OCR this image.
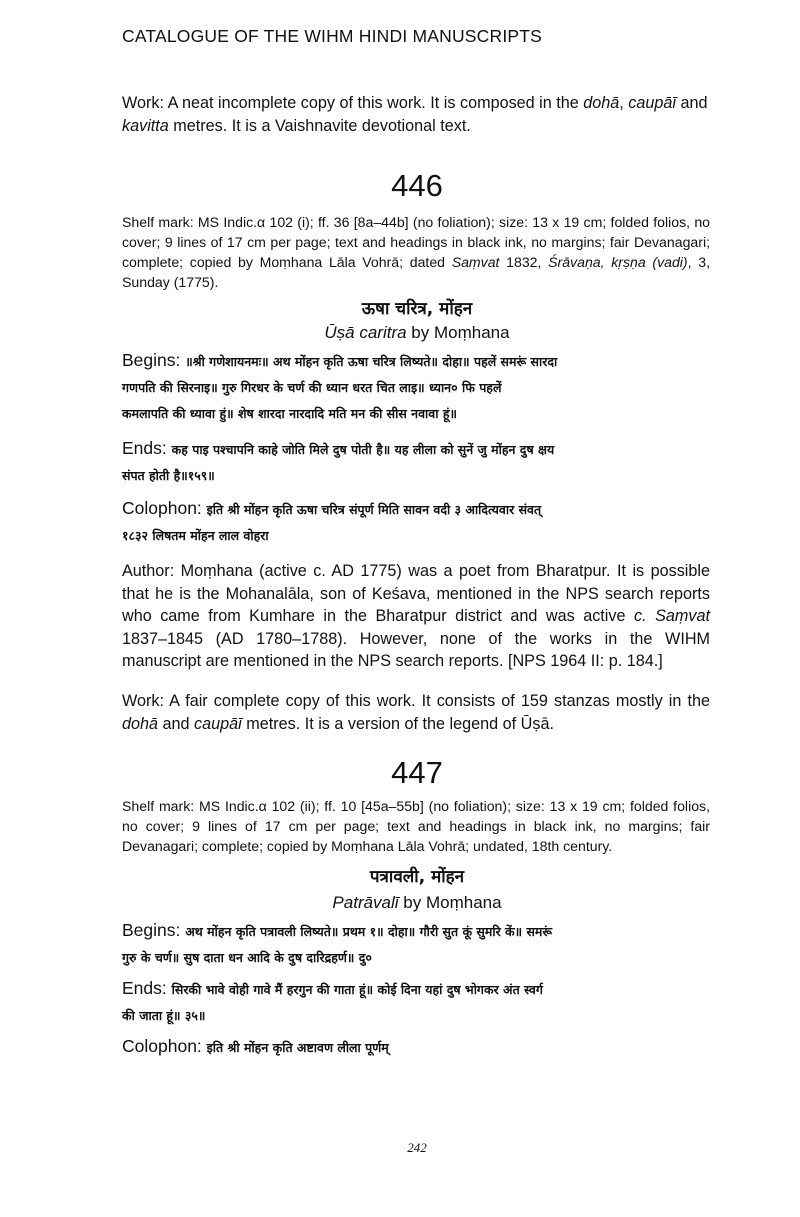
CATALOGUE OF THE WIHM HINDI MANUSCRIPTS

Work: A neat incomplete copy of this work. It is composed in the dohā, caupāī and
kavitta metres. It is a Vaishnavite devotional text.

446

Shelf mark: MS Indic.α 102 (i); ff. 36 [8a–44b] (no foliation); size: 13 x 19 cm; folded folios, no cover; 9 lines of 17 cm per page; text and headings in black ink, no margins; fair Devanagari; complete; copied by Moṃhana Lāla Vohrā; dated Saṃvat 1832, Śrāvaṇa, kṛṣṇa (vadi), 3, Sunday (1775).

ऊषा चरित्र, मोंहन
Ūṣā caritra by Moṃhana
Begins: ॥श्री गणेशायनमः॥ अथ मोंहन कृति ऊषा चरित्र लिष्यते॥ दोहा॥ पहलें समरूं सारदा
गणपति की सिरनाइ॥ गुरु गिरधर के चर्ण की ध्यान धरत चित लाइ॥ ध्यान० फि पहलें
कमलापति की ध्यावा हुं॥ शेष शारदा नारदादि मति मन की सीस नवावा हूं॥
Ends: कह पाइ पश्चापनि काहे जोति मिले दुष पोती है॥ यह लीला को सुनें जु मोंहन दुष क्षय
संपत होती है॥१५९॥
Colophon: इति श्री मोंहन कृति ऊषा चरित्र संपूर्ण मिति सावन वदी ३ आदित्यवार संवत्
१८३२ लिषतम मोंहन लाल वोहरा

Author: Moṃhana (active c. AD 1775) was a poet from Bharatpur. It is possible that he is the Mohanalāla, son of Keśava, mentioned in the NPS search reports who came from Kumhare in the Bharatpur district and was active c. Saṃvat 1837–1845 (AD 1780–1788). However, none of the works in the WIHM manuscript are mentioned in the NPS search reports. [NPS 1964 II: p. 184.]

Work: A fair complete copy of this work. It consists of 159 stanzas mostly in the dohā and caupāī metres. It is a version of the legend of Ūṣā.

447

Shelf mark: MS Indic.α 102 (ii); ff. 10 [45a–55b] (no foliation); size: 13 x 19 cm; folded folios, no cover; 9 lines of 17 cm per page; text and headings in black ink, no margins; fair Devanagari; complete; copied by Moṃhana Lāla Vohrā; undated, 18th century.

पत्रावली, मोंहन
Patrāvalī by Moṃhana
Begins: अथ मोंहन कृति पत्रावली लिष्यते॥ प्रथम १॥ दोहा॥ गौरी सुत कूं सुमरि कें॥ समरूं
गुरु के चर्ण॥ सुष दाता धन आदि के दुष दारिद्रहर्ण॥ दु०
Ends: सिरकी भावे वोही गावे मैं हरगुन की गाता हूं॥ कोई दिना यहां दुष भोगकर अंत स्वर्ग
की जाता हूं॥ ३५॥
Colophon: इति श्री मोंहन कृति अष्टावण लीला पूर्णम्
242
